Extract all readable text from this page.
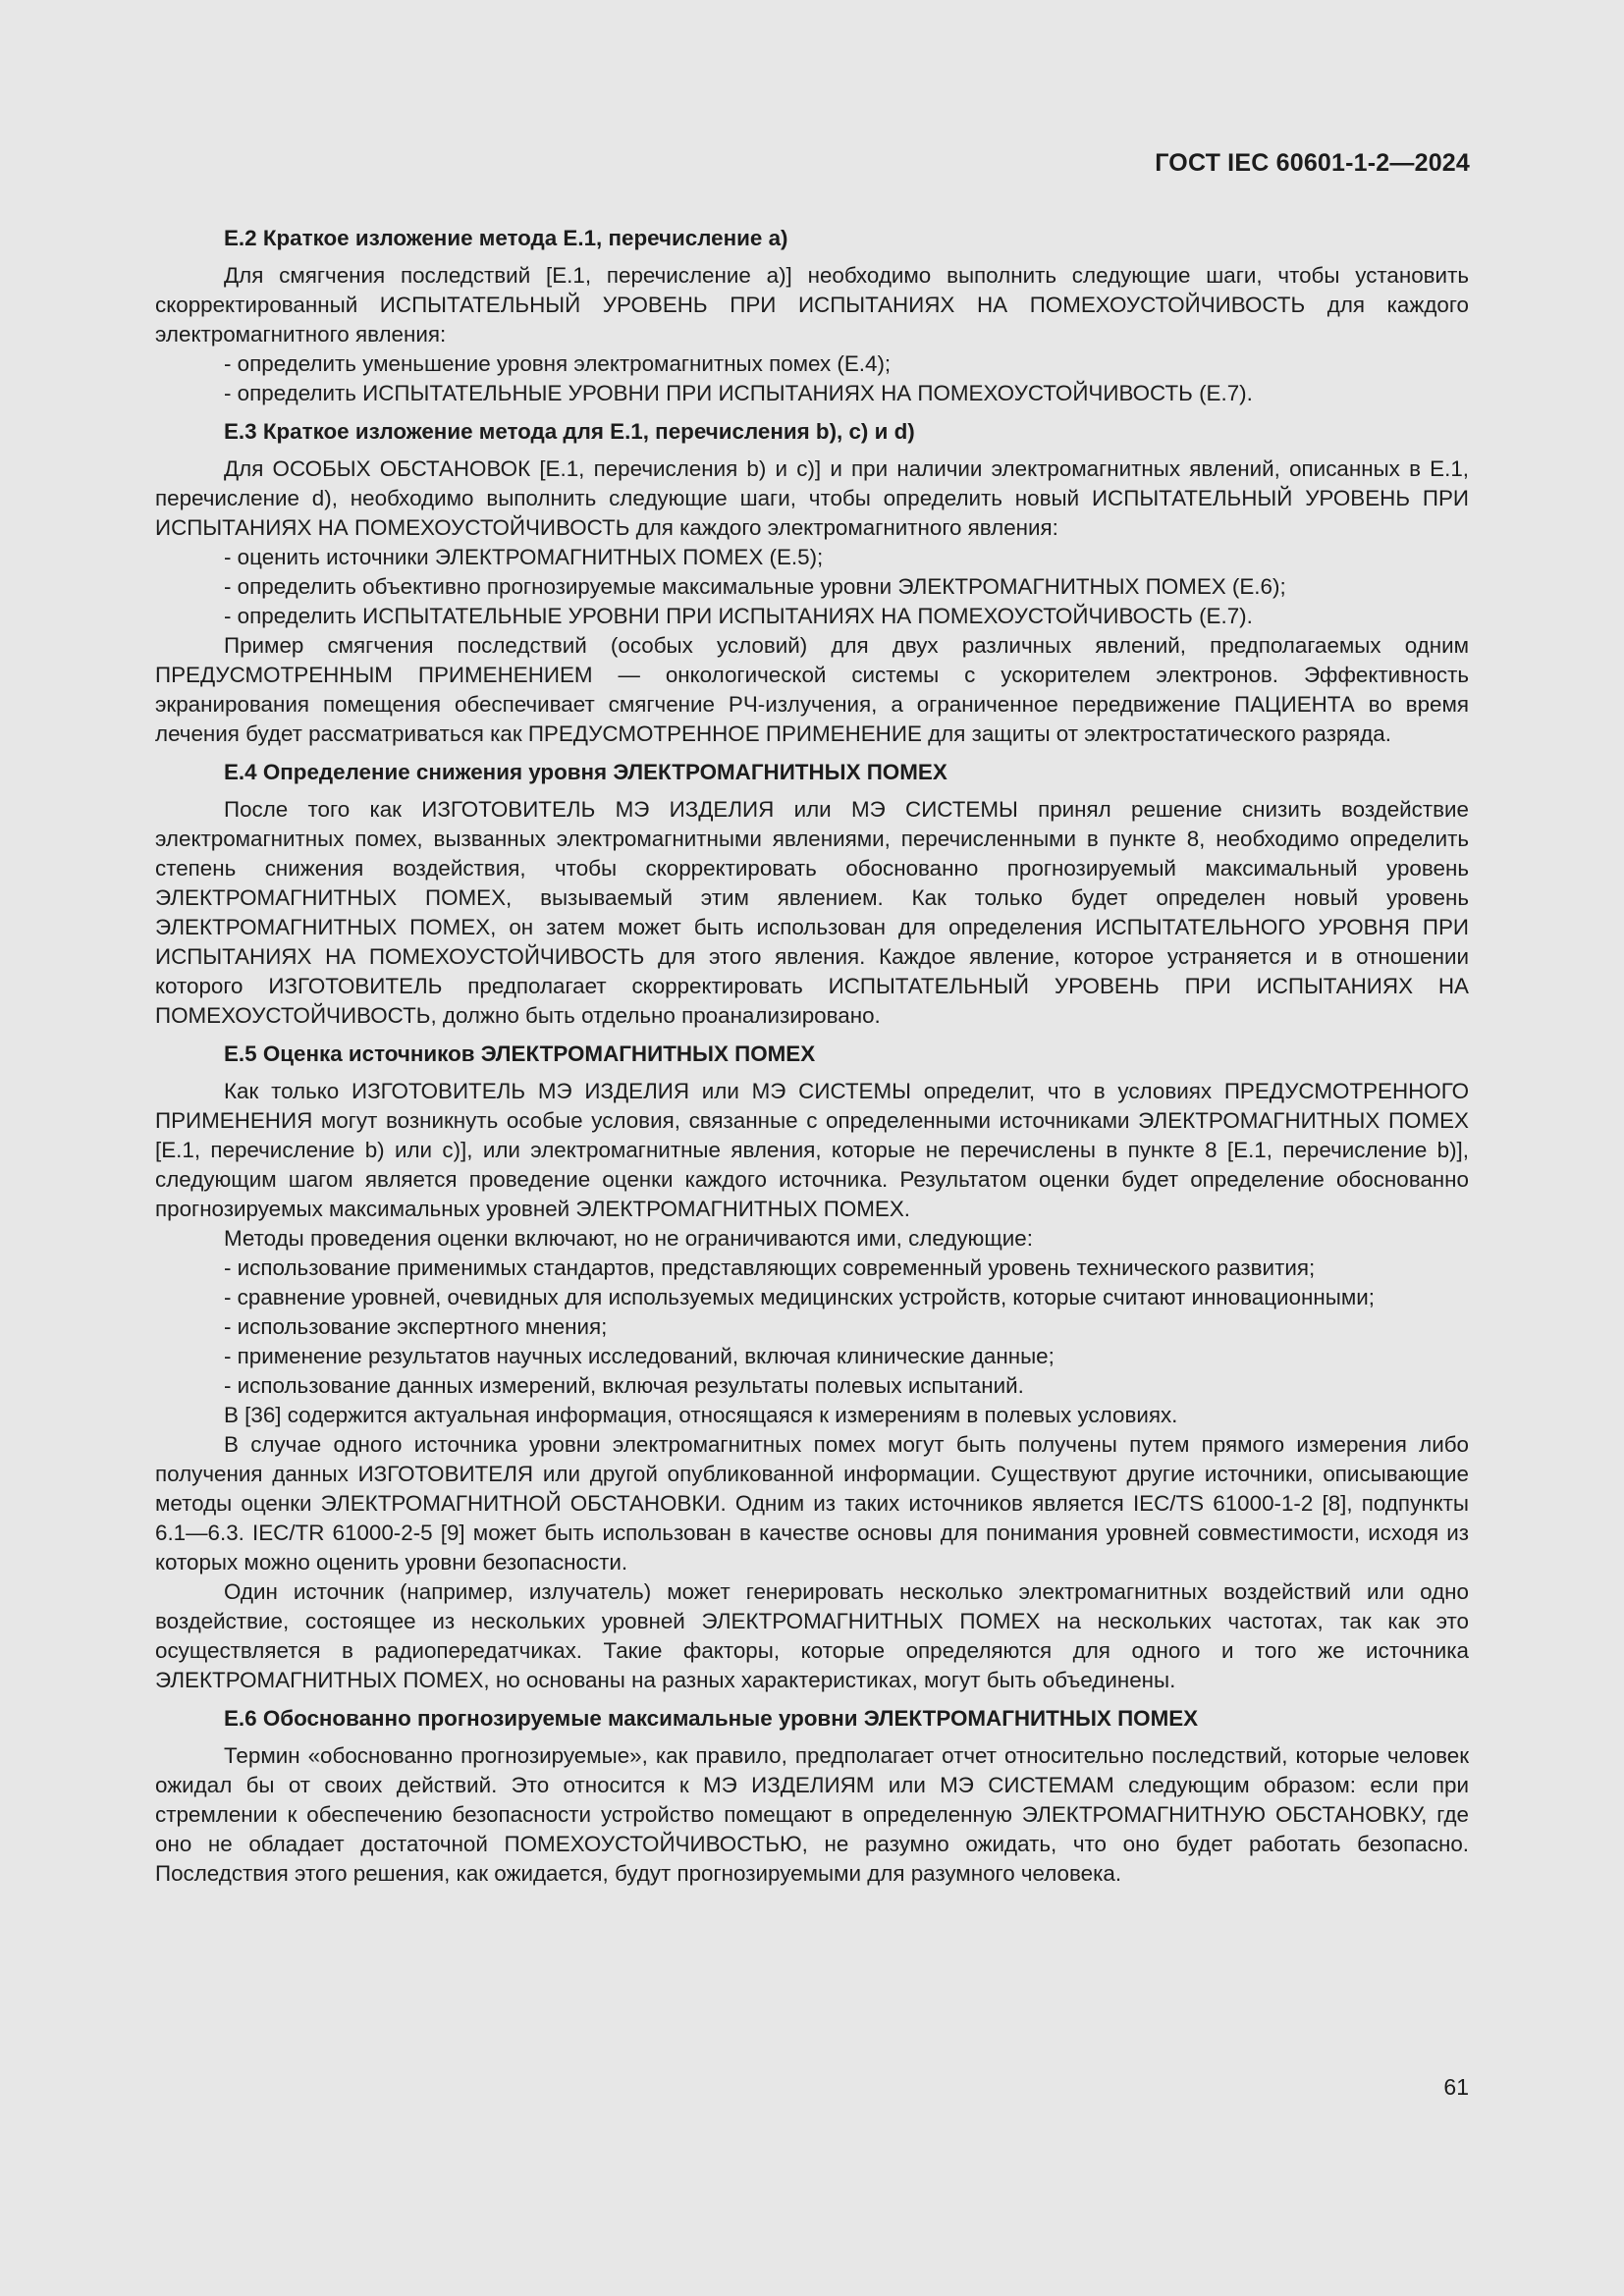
ГОСТ IEC 60601-1-2—2024
Е.2 Краткое изложение метода Е.1, перечисление а)

Для смягчения последствий [Е.1, перечисление а)] необходимо выполнить следующие шаги, чтобы установить скорректированный ИСПЫТАТЕЛЬНЫЙ УРОВЕНЬ ПРИ ИСПЫТАНИЯХ НА ПОМЕХОУСТОЙЧИВОСТЬ для каждого электромагнитного явления:

- определить уменьшение уровня электромагнитных помех (Е.4);
- определить ИСПЫТАТЕЛЬНЫЕ УРОВНИ ПРИ ИСПЫТАНИЯХ НА ПОМЕХОУСТОЙЧИВОСТЬ (Е.7).
Е.3 Краткое изложение метода для Е.1, перечисления b), с) и d)

Для ОСОБЫХ ОБСТАНОВОК [Е.1, перечисления b) и с)] и при наличии электромагнитных явлений, описанных в Е.1, перечисление d), необходимо выполнить следующие шаги, чтобы определить новый ИСПЫТАТЕЛЬНЫЙ УРОВЕНЬ ПРИ ИСПЫТАНИЯХ НА ПОМЕХОУСТОЙЧИВОСТЬ для каждого электромагнитного явления:

- оценить источники ЭЛЕКТРОМАГНИТНЫХ ПОМЕХ (Е.5);
- определить объективно прогнозируемые максимальные уровни ЭЛЕКТРОМАГНИТНЫХ ПОМЕХ (Е.6);
- определить ИСПЫТАТЕЛЬНЫЕ УРОВНИ ПРИ ИСПЫТАНИЯХ НА ПОМЕХОУСТОЙЧИВОСТЬ (Е.7).

Пример смягчения последствий (особых условий) для двух различных явлений, предполагаемых одним ПРЕДУСМОТРЕННЫМ ПРИМЕНЕНИЕМ — онкологической системы с ускорителем электронов. Эффективность экранирования помещения обеспечивает смягчение РЧ-излучения, а ограниченное передвижение ПАЦИЕНТА во время лечения будет рассматриваться как ПРЕДУСМОТРЕННОЕ ПРИМЕНЕНИЕ для защиты от электростатического разряда.

Е.4 Определение снижения уровня ЭЛЕКТРОМАГНИТНЫХ ПОМЕХ

После того как ИЗГОТОВИТЕЛЬ МЭ ИЗДЕЛИЯ или МЭ СИСТЕМЫ принял решение снизить воздействие электромагнитных помех, вызванных электромагнитными явлениями, перечисленными в пункте 8, необходимо определить степень снижения воздействия, чтобы скорректировать обоснованно прогнозируемый максимальный уровень ЭЛЕКТРОМАГНИТНЫХ ПОМЕХ, вызываемый этим явлением. Как только будет определен новый уровень ЭЛЕКТРОМАГНИТНЫХ ПОМЕХ, он затем может быть использован для определения ИСПЫТАТЕЛЬНОГО УРОВНЯ ПРИ ИСПЫТАНИЯХ НА ПОМЕХОУСТОЙЧИВОСТЬ для этого явления. Каждое явление, которое устраняется и в отношении которого ИЗГОТОВИТЕЛЬ предполагает скорректировать ИСПЫТАТЕЛЬНЫЙ УРОВЕНЬ ПРИ ИСПЫТАНИЯХ НА ПОМЕХОУСТОЙЧИВОСТЬ, должно быть отдельно проанализировано.

Е.5 Оценка источников ЭЛЕКТРОМАГНИТНЫХ ПОМЕХ

Как только ИЗГОТОВИТЕЛЬ МЭ ИЗДЕЛИЯ или МЭ СИСТЕМЫ определит, что в условиях ПРЕДУСМОТРЕННОГО ПРИМЕНЕНИЯ могут возникнуть особые условия, связанные с определенными источниками ЭЛЕКТРОМАГНИТНЫХ ПОМЕХ [Е.1, перечисление b) или с)], или электромагнитные явления, которые не перечислены в пункте 8 [Е.1, перечисление b)], следующим шагом является проведение оценки каждого источника. Результатом оценки будет определение обоснованно прогнозируемых максимальных уровней ЭЛЕКТРОМАГНИТНЫХ ПОМЕХ.

Методы проведения оценки включают, но не ограничиваются ими, следующие:

- использование применимых стандартов, представляющих современный уровень технического развития;
- сравнение уровней, очевидных для используемых медицинских устройств, которые считают инновационными;
- использование экспертного мнения;
- применение результатов научных исследований, включая клинические данные;
- использование данных измерений, включая результаты полевых испытаний.

В [36] содержится актуальная информация, относящаяся к измерениям в полевых условиях.

В случае одного источника уровни электромагнитных помех могут быть получены путем прямого измерения либо получения данных ИЗГОТОВИТЕЛЯ или другой опубликованной информации. Существуют другие источники, описывающие методы оценки ЭЛЕКТРОМАГНИТНОЙ ОБСТАНОВКИ. Одним из таких источников является IEC/TS 61000-1-2 [8], подпункты 6.1—6.3. IEC/TR 61000-2-5 [9] может быть использован в качестве основы для понимания уровней совместимости, исходя из которых можно оценить уровни безопасности.

Один источник (например, излучатель) может генерировать несколько электромагнитных воздействий или одно воздействие, состоящее из нескольких уровней ЭЛЕКТРОМАГНИТНЫХ ПОМЕХ на нескольких частотах, так как это осуществляется в радиопередатчиках. Такие факторы, которые определяются для одного и того же источника ЭЛЕКТРОМАГНИТНЫХ ПОМЕХ, но основаны на разных характеристиках, могут быть объединены.

Е.6 Обоснованно прогнозируемые максимальные уровни ЭЛЕКТРОМАГНИТНЫХ ПОМЕХ

Термин «обоснованно прогнозируемые», как правило, предполагает отчет относительно последствий, которые человек ожидал бы от своих действий. Это относится к МЭ ИЗДЕЛИЯМ или МЭ СИСТЕМАМ следующим образом: если при стремлении к обеспечению безопасности устройство помещают в определенную ЭЛЕКТРОМАГНИТНУЮ ОБСТАНОВКУ, где оно не обладает достаточной ПОМЕХОУСТОЙЧИВОСТЬЮ, не разумно ожидать, что оно будет работать безопасно. Последствия этого решения, как ожидается, будут прогнозируемыми для разумного человека.

61
